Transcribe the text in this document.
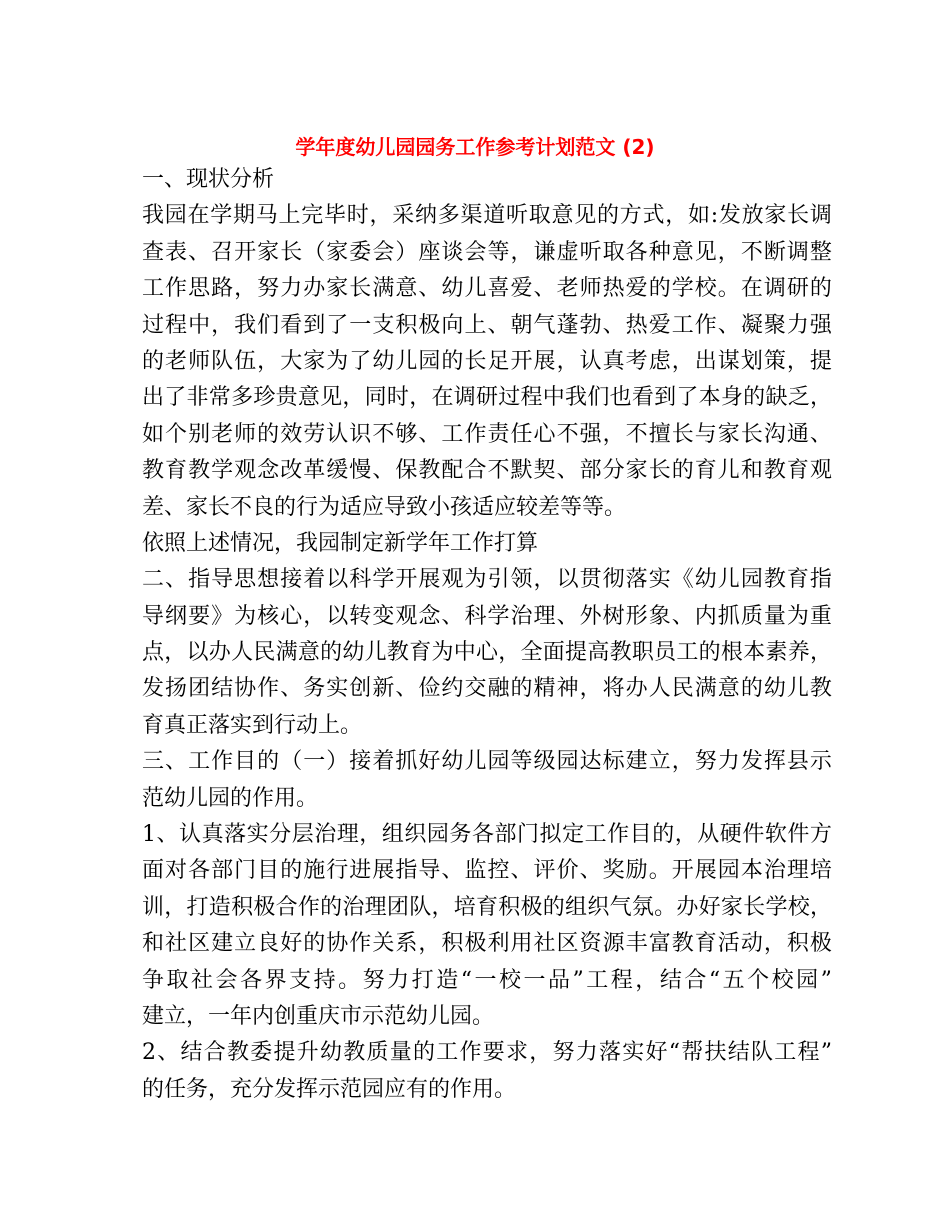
学年度幼儿园园务工作参考计划范文 (2)
一、现状分析
我 园 在 学 期 马 上 完 毕 时 ， 采 纳 多 渠 道 听 取 意 见 的 方 式 ， 如 : 发 放 家 长 调
查 表 、 召 开 家 长 （ 家 委 会 ） 座 谈 会 等 ， 谦 虚 听 取 各 种 意 见 ， 不 断 调 整
工 作 思 路 ， 努 力 办 家 长 满 意 、 幼 儿 喜 爱 、 老 师 热 爱 的 学 校 。 在 调 研 的
过 程 中 ， 我 们 看 到 了 一 支 积 极 向 上 、 朝 气 蓬 勃 、 热 爱 工 作 、 凝 聚 力 强
的 老 师 队 伍 ， 大 家 为 了 幼 儿 园 的 长 足 开 展 ， 认 真 考 虑 ， 出 谋 划 策 ， 提
出 了 非 常 多 珍 贵 意 见 ， 同 时 ， 在 调 研 过 程 中 我 们 也 看 到 了 本 身 的 缺 乏 ，
如 个 别 老 师 的 效 劳 认 识 不 够 、 工 作 责 任 心 不 强 ， 不 擅 长 与 家 长 沟 通 、
教 育 教 学 观 念 改 革 缓 慢 、 保 教 配 合 不 默 契 、 部 分 家 长 的 育 儿 和 教 育 观
差、家长不良的行为适应导致小孩适应较差等等。
依照上述情况，我园制定新学年工作打算
二 、 指 导 思 想 接 着 以 科 学 开 展 观 为 引 领 ， 以 贯 彻 落 实 《 幼 儿 园 教 育 指
导 纲 要 》 为 核 心 ， 以 转 变 观 念 、 科 学 治 理 、 外 树 形 象 、 内 抓 质 量 为 重
点 ， 以 办 人 民 满 意 的 幼 儿 教 育 为 中 心 ， 全 面 提 高 教 职 员 工 的 根 本 素 养 ，
发 扬 团 结 协 作 、 务 实 创 新 、 俭 约 交 融 的 精 神 ， 将 办 人 民 满 意 的 幼 儿 教
育真正落实到行动上。
三 、 工 作 目 的 （ 一 ） 接 着 抓 好 幼 儿 园 等 级 园 达 标 建 立 ， 努 力 发 挥 县 示
范幼儿园的作用。
1 、 认 真 落 实 分 层 治 理 ， 组 织 园 务 各 部 门 拟 定 工 作 目 的 ， 从 硬 件 软 件 方
面 对 各 部 门 目 的 施 行 进 展 指 导 、 监 控 、 评 价 、 奖 励 。 开 展 园 本 治 理 培
训 ， 打 造 积 极 合 作 的 治 理 团 队 ， 培 育 积 极 的 组 织 气 氛 。 办 好 家 长 学 校 ，
和 社 区 建 立 良 好 的 协 作 关 系 ， 积 极 利 用 社 区 资 源 丰 富 教 育 活 动 ， 积 极
争 取 社 会 各 界 支 持 。 努 力 打 造 “ 一 校 一 品 ” 工 程 ， 结 合 “ 五 个 校 园 ”
建立，一年内创重庆市示范幼儿园。
2 、 结 合 教 委 提 升 幼 教 质 量 的 工 作 要 求 ， 努 力 落 实 好 “ 帮 扶 结 队 工 程 ”
的任务，充分发挥示范园应有的作用。
